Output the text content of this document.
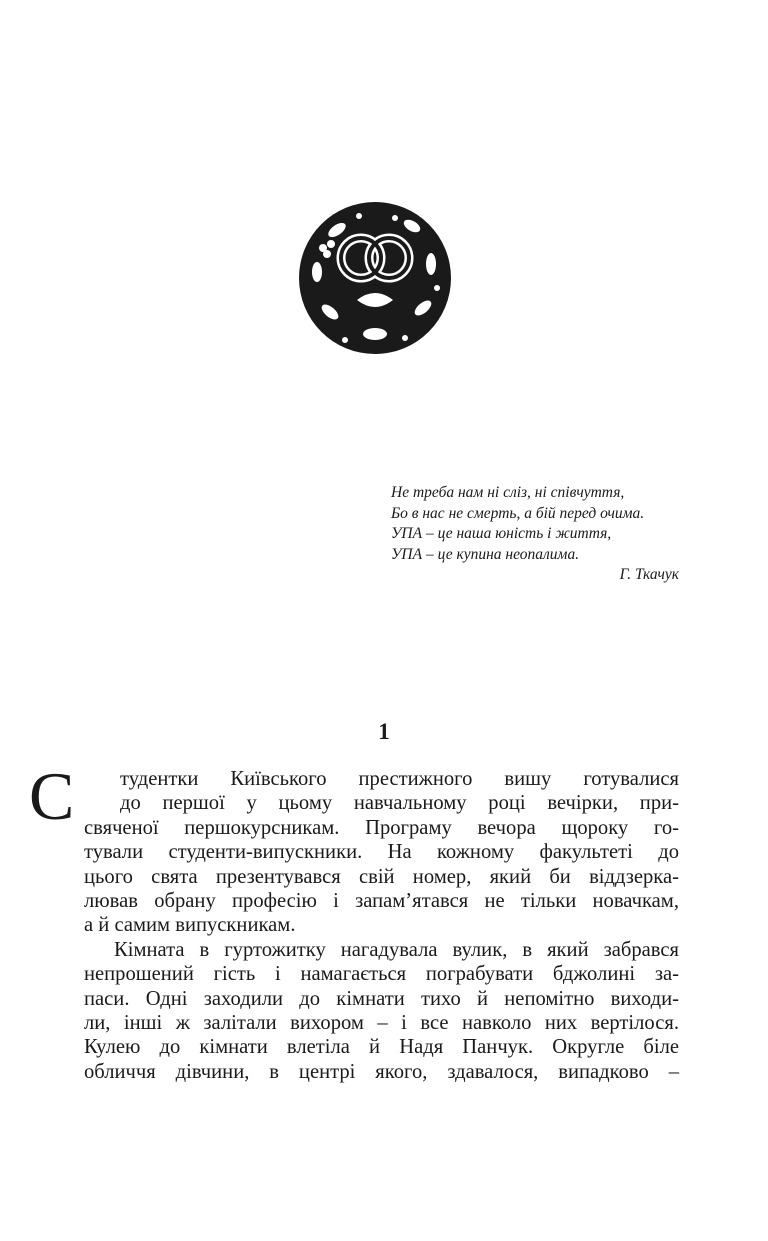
Не треба нам ні сліз, ні співчуття,
Бо в нас не смерть, а бій перед очима.
УПА – це наша юність і життя,
УПА – це купина неопалима.
Г. Ткачук
1
С	тудентки Київського престижного вишу готувалися
до першої у цьому навчальному році вечірки, при-
свяченої першокурсникам. Програму вечора щороку го-
тували студенти-випускники. На кожному факультеті до
цього свята презентувався свій номер, який би віддзерка-
лював обрану професію і запам’ятався не тільки новачкам,
а й самим випускникам.
Кімната в гуртожитку нагадувала вулик, в який забрався
непрошений гість і намагається пограбувати бджолині за-
паси. Одні заходили до кімнати тихо й непомітно виходи-
ли, інші ж залітали вихором – і все навколо них вертілося.
Кулею до кімнати влетіла й Надя Панчук. Округле біле
обличчя дівчини, в центрі якого, здавалося, випадково –
